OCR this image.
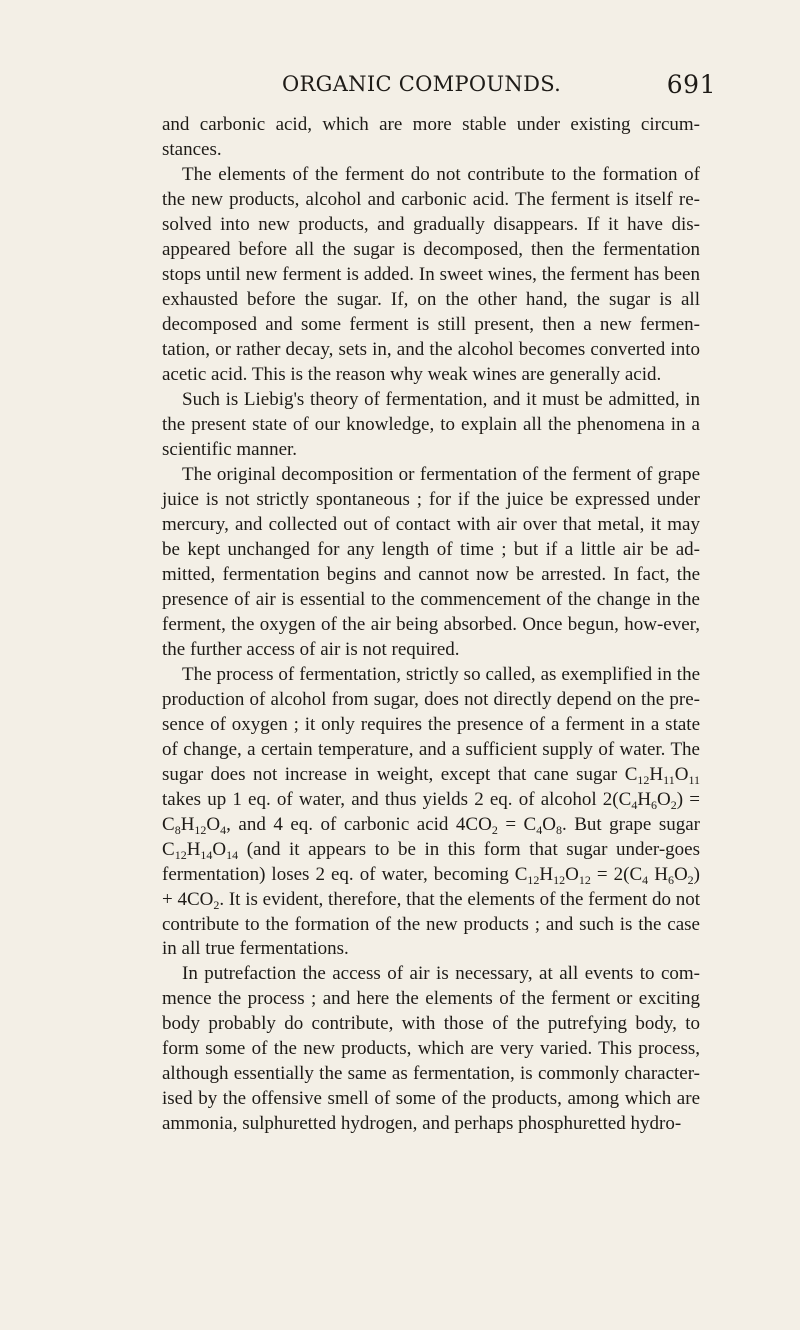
ORGANIC COMPOUNDS.	691

and carbonic acid, which are more stable under existing circum-stances.

The elements of the ferment do not contribute to the formation of the new products, alcohol and carbonic acid. The ferment is itself re-solved into new products, and gradually disappears. If it have dis-appeared before all the sugar is decomposed, then the fermentation stops until new ferment is added. In sweet wines, the ferment has been exhausted before the sugar. If, on the other hand, the sugar is all decomposed and some ferment is still present, then a new fermen-tation, or rather decay, sets in, and the alcohol becomes converted into acetic acid. This is the reason why weak wines are generally acid.

Such is Liebig's theory of fermentation, and it must be admitted, in the present state of our knowledge, to explain all the phenomena in a scientific manner.

The original decomposition or fermentation of the ferment of grape juice is not strictly spontaneous ; for if the juice be expressed under mercury, and collected out of contact with air over that metal, it may be kept unchanged for any length of time ; but if a little air be ad-mitted, fermentation begins and cannot now be arrested. In fact, the presence of air is essential to the commencement of the change in the ferment, the oxygen of the air being absorbed. Once begun, how-ever, the further access of air is not required.

The process of fermentation, strictly so called, as exemplified in the production of alcohol from sugar, does not directly depend on the pre-sence of oxygen ; it only requires the presence of a ferment in a state of change, a certain temperature, and a sufficient supply of water. The sugar does not increase in weight, except that cane sugar $C_{12}H_{11}O_{11}$ takes up 1 eq. of water, and thus yields 2 eq. of alcohol $2(C_4H_6O_2) = C_8H_{12}O_4$, and 4 eq. of carbonic acid $4CO_2 = C_4O_8$. But grape sugar $C_{12}H_{14}O_{14}$ (and it appears to be in this form that sugar under-goes fermentation) loses 2 eq. of water, becoming $C_{12}H_{12}O_{12} = 2(C_4$ $H_6O_2) + 4CO_2$. It is evident, therefore, that the elements of the ferment do not contribute to the formation of the new products ; and such is the case in all true fermentations.

In putrefaction the access of air is necessary, at all events to com-mence the process ; and here the elements of the ferment or exciting body probably do contribute, with those of the putrefying body, to form some of the new products, which are very varied. This process, although essentially the same as fermentation, is commonly character-ised by the offensive smell of some of the products, among which are ammonia, sulphuretted hydrogen, and perhaps phosphuretted hydro-
